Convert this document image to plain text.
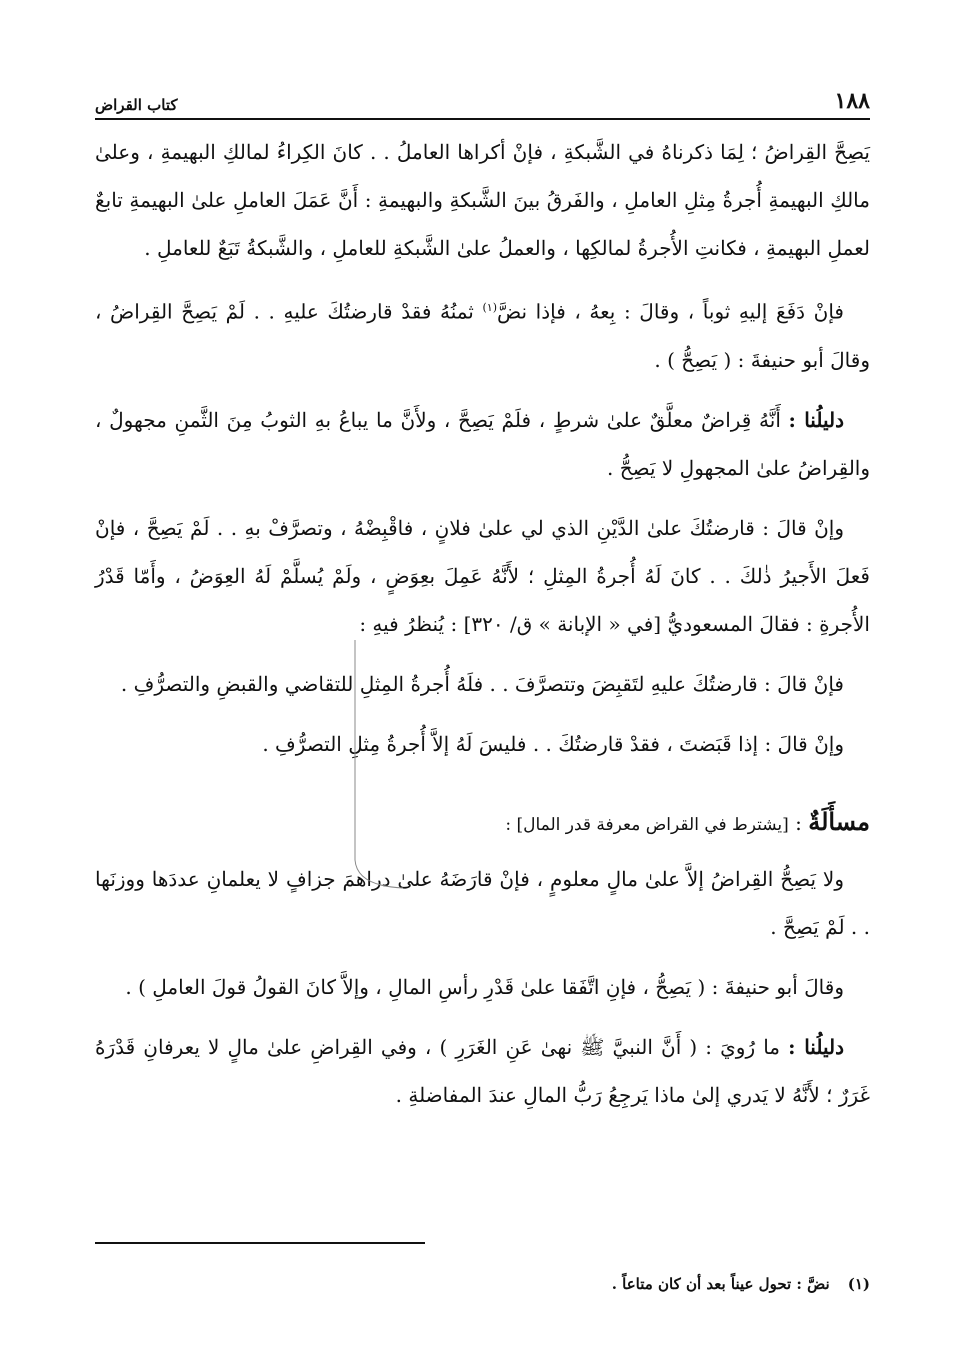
١٨٨
كتاب القراض

يَصِحَّ القِراضُ ؛ لِمَا ذكرناهُ في الشَّبكةِ ، فإنْ أكراها العاملُ . . كانَ الكِراءُ لمالكِ البهيمةِ ، وعلىٰ مالكِ البهيمةِ أُجرةُ مِثلِ العاملِ ، والفَرقُ بينَ الشَّبكةِ والبهيمةِ : أَنَّ عَمَلَ العاملِ علىٰ البهيمةِ تابعٌ لعملِ البهيمةِ ، فكانتِ الأُجرةُ لمالكِها ، والعملُ علىٰ الشَّبكةِ للعاملِ ، والشَّبكةُ تَبَعٌ للعاملِ .

فإنْ دَفَعَ إليهِ ثوباً ، وقالَ : بِعهُ ، فإذا نضَّ$^{(١)}$ ثمنُهُ فقدْ قارضتُكَ عليهِ . . لَمْ يَصِحَّ القِراضُ ، وقالَ أبو حنيفةَ : ( يَصِحُّ ) .

دليلُنا : أَنَّهُ قِراضٌ معلَّقٌ علىٰ شرطٍ ، فلَمْ يَصِحَّ ، ولأَنَّ ما يباعُ بهِ الثوبُ مِنَ الثَّمنِ مجهولٌ ، والقِراضُ علىٰ المجهولِ لا يَصِحُّ .

وإنْ قالَ : قارضتُكَ علىٰ الدَّيْنِ الذي لي علىٰ فلانٍ ، فاقْبِضْهُ ، وتصرَّفْ بهِ . . لَمْ يَصِحَّ ، فإنْ فَعلَ الأَجيرُ ذٰلكَ . . كانَ لَهُ أُجرةُ المِثلِ ؛ لأَنَّهُ عَمِلَ بعِوَضٍ ، ولَمْ يُسلَّمْ لَهُ العِوَضُ ، وأَمّا قَدْرُ الأُجرةِ : فقالَ المسعوديُّ [في « الإبانة » ق/ ٣٢٠] : يُنظرُ فيهِ :

فإنْ قالَ : قارضتُكَ عليهِ لتَقبِضَ وتتصرَّفَ . . فلَهُ أُجرةُ المِثلِ للتقاضي والقبضِ والتصرُّفِ .

وإنْ قالَ : إذا قَبَضتَ ، فقدْ قارضتُكَ . . فليسَ لَهُ إلاَّ أُجرةُ مِثلِ التصرُّفِ .

مسأَلَةٌ : [يشترط في القراض معرفة قدر المال] :

ولا يَصِحُّ القِراضُ إلاَّ علىٰ مالٍ معلومٍ ، فإنْ قارَضَهُ علىٰ دراهمَ جزافٍ لا يعلمانِ عددَها ووزنَها . . لَمْ يَصِحَّ .

وقالَ أبو حنيفةَ : ( يَصِحُّ ، فإنِ اتَّفَقا علىٰ قَدْرِ رأسِ المالِ ، وإلاَّ كانَ القولُ قولَ العاملِ ) .

دليلُنا : ما رُويَ : ( أَنَّ النبيَّ ﷺ نهىٰ عَنِ الغَرَرِ ) ، وفي القِراضِ علىٰ مالٍ لا يعرفانِ قَدْرَهُ غَرَرٌ ؛ لأَنَّهُ لا يَدري إلىٰ ماذا يَرجِعُ رَبُّ المالِ عندَ المفاضلةِ .

(١)نضَّ : تحول عيناً بعد أن كان متاعاً .
